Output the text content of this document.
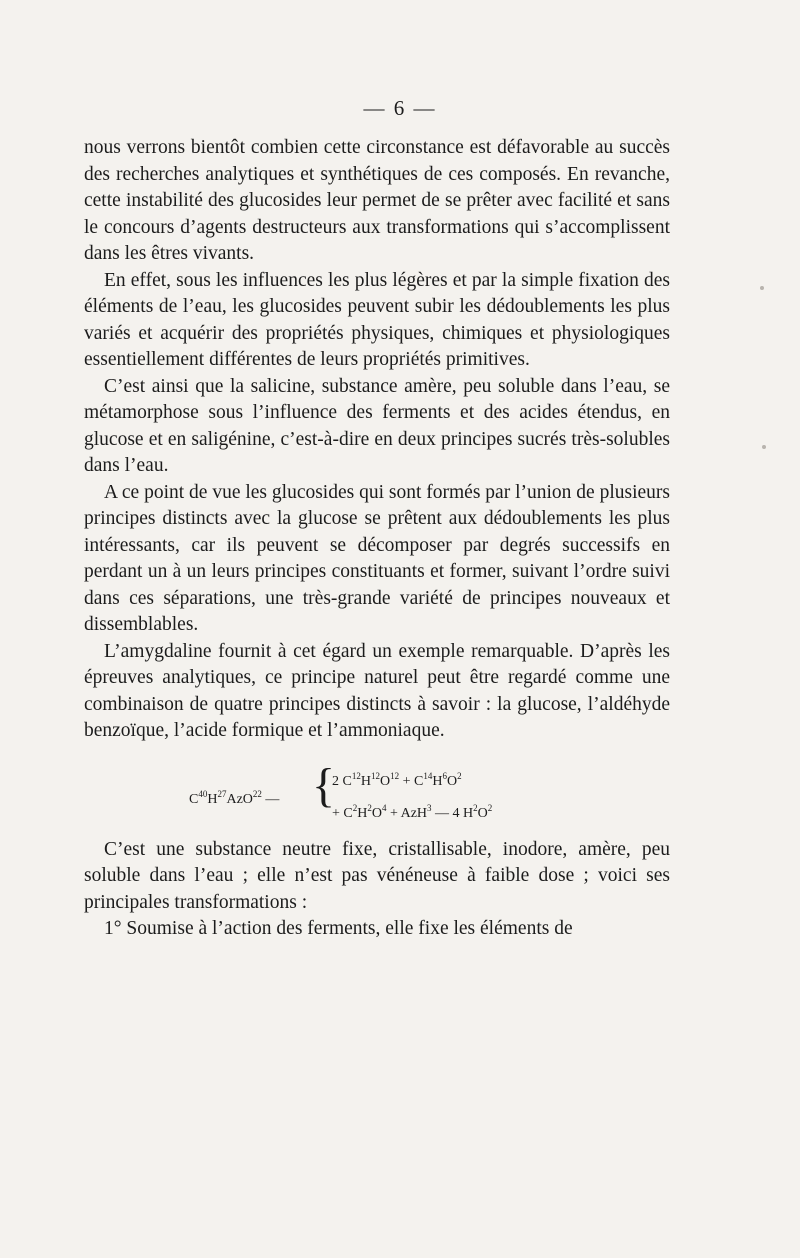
— 6 —

nous verrons bientôt combien cette circonstance est défavorable au succès des recherches analytiques et synthétiques de ces composés. En revanche, cette instabilité des glucosides leur permet de se prêter avec facilité et sans le concours d’agents destructeurs aux transformations qui s’accomplissent dans les êtres vivants.

En effet, sous les influences les plus légères et par la simple fixation des éléments de l’eau, les glucosides peuvent subir les dédoublements les plus variés et acquérir des propriétés physiques, chimiques et physiologiques essentiellement différentes de leurs propriétés primitives.

C’est ainsi que la salicine, substance amère, peu soluble dans l’eau, se métamorphose sous l’influence des ferments et des acides étendus, en glucose et en saligénine, c’est-à-dire en deux principes sucrés très-solubles dans l’eau.

A ce point de vue les glucosides qui sont formés par l’union de plusieurs principes distincts avec la glucose se prêtent aux dédoublements les plus intéressants, car ils peuvent se décomposer par degrés successifs en perdant un à un leurs principes constituants et former, suivant l’ordre suivi dans ces séparations, une très-grande variété de principes nouveaux et dissemblables.

L’amygdaline fournit à cet égard un exemple remarquable. D’après les épreuves analytiques, ce principe naturel peut être regardé comme une combinaison de quatre principes distincts à savoir : la glucose, l’aldéhyde benzoïque, l’acide formique et l’ammoniaque.

$C^{40}H^{27}AzO^{22}$ — {
2 $C^{12}H^{12}O^{12} + C^{14}H^6O^2$
+ $C^2H^2O^4 + AzH^3$ — 4 $H^2O^2$

C’est une substance neutre fixe, cristallisable, inodore, amère, peu soluble dans l’eau ; elle n’est pas vénéneuse à faible dose ; voici ses principales transformations :

1° Soumise à l’action des ferments, elle fixe les éléments de
